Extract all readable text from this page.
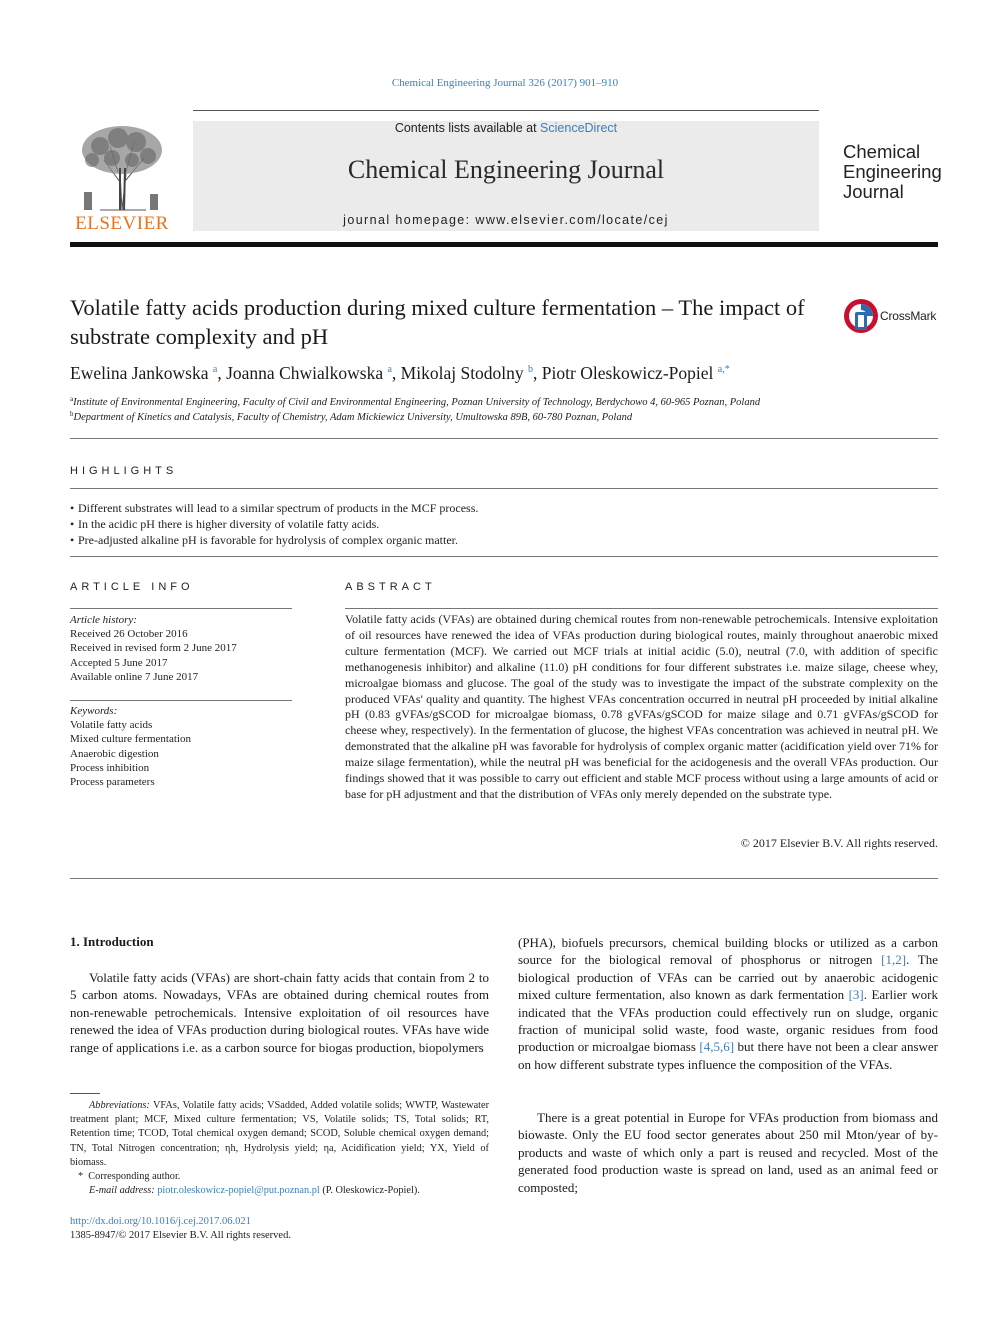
Chemical Engineering Journal 326 (2017) 901–910
ELSEVIER
Contents lists available at ScienceDirect
Chemical Engineering Journal
journal homepage: www.elsevier.com/locate/cej
Chemical
Engineering
Journal
Volatile fatty acids production during mixed culture fermentation – The impact of substrate complexity and pH
CrossMark
Ewelina Jankowska $^a$, Joanna Chwialkowska $^a$, Mikolaj Stodolny $^b$, Piotr Oleskowicz-Popiel $^{a,*}$
$^a$Institute of Environmental Engineering, Faculty of Civil and Environmental Engineering, Poznan University of Technology, Berdychowo 4, 60-965 Poznan, Poland
$^b$Department of Kinetics and Catalysis, Faculty of Chemistry, Adam Mickiewicz University, Umultowska 89B, 60-780 Poznan, Poland
HIGHLIGHTS
• Different substrates will lead to a similar spectrum of products in the MCF process.
• In the acidic pH there is higher diversity of volatile fatty acids.
• Pre-adjusted alkaline pH is favorable for hydrolysis of complex organic matter.
ARTICLE INFO
Article history:
Received 26 October 2016
Received in revised form 2 June 2017
Accepted 5 June 2017
Available online 7 June 2017
Keywords:
Volatile fatty acids
Mixed culture fermentation
Anaerobic digestion
Process inhibition
Process parameters
ABSTRACT
Volatile fatty acids (VFAs) are obtained during chemical routes from non-renewable petrochemicals. Intensive exploitation of oil resources have renewed the idea of VFAs production during biological routes, mainly throughout anaerobic mixed culture fermentation (MCF). We carried out MCF trials at initial acidic (5.0), neutral (7.0, with addition of specific methanogenesis inhibitor) and alkaline (11.0) pH conditions for four different substrates i.e. maize silage, cheese whey, microalgae biomass and glucose. The goal of the study was to investigate the impact of the substrate complexity on the produced VFAs' quality and quantity. The highest VFAs concentration occurred in neutral pH proceeded by initial alkaline pH (0.83 gVFAs/gSCOD for microalgae biomass, 0.78 gVFAs/gSCOD for maize silage and 0.71 gVFAs/gSCOD for cheese whey, respectively). In the fermentation of glucose, the highest VFAs concentration was achieved in neutral pH. We demonstrated that the alkaline pH was favorable for hydrolysis of complex organic matter (acidification yield over 71% for maize silage fermentation), while the neutral pH was beneficial for the acidogenesis and the overall VFAs production. Our findings showed that it was possible to carry out efficient and stable MCF process without using a large amounts of acid or base for pH adjustment and that the distribution of VFAs only merely depended on the substrate type.
© 2017 Elsevier B.V. All rights reserved.
1. Introduction
Volatile fatty acids (VFAs) are short-chain fatty acids that contain from 2 to 5 carbon atoms. Nowadays, VFAs are obtained during chemical routes from non-renewable petrochemicals. Intensive exploitation of oil resources have renewed the idea of VFAs production during biological routes. VFAs have wide range of applications i.e. as a carbon source for biogas production, biopolymers
Abbreviations: VFAs, Volatile fatty acids; VSadded, Added volatile solids; WWTP, Wastewater treatment plant; MCF, Mixed culture fermentation; VS, Volatile solids; TS, Total solids; RT, Retention time; TCOD, Total chemical oxygen demand; SCOD, Soluble chemical oxygen demand; TN, Total Nitrogen concentration; ηh, Hydrolysis yield; ηa, Acidification yield; YX, Yield of biomass.
*  Corresponding author.
E-mail address: piotr.oleskowicz-popiel@put.poznan.pl (P. Oleskowicz-Popiel).
http://dx.doi.org/10.1016/j.cej.2017.06.021
1385-8947/© 2017 Elsevier B.V. All rights reserved.
(PHA), biofuels precursors, chemical building blocks or utilized as a carbon source for the biological removal of phosphorus or nitrogen [1,2]. The biological production of VFAs can be carried out by anaerobic acidogenic mixed culture fermentation, also known as dark fermentation [3]. Earlier work indicated that the VFAs production could effectively run on sludge, organic fraction of municipal solid waste, food waste, organic residues from food production or microalgae biomass [4,5,6] but there have not been a clear answer on how different substrate types influence the composition of the VFAs.
There is a great potential in Europe for VFAs production from biomass and biowaste. Only the EU food sector generates about 250 mil Mton/year of by-products and waste of which only a part is reused and recycled. Most of the generated food production waste is spread on land, used as an animal feed or composted;
